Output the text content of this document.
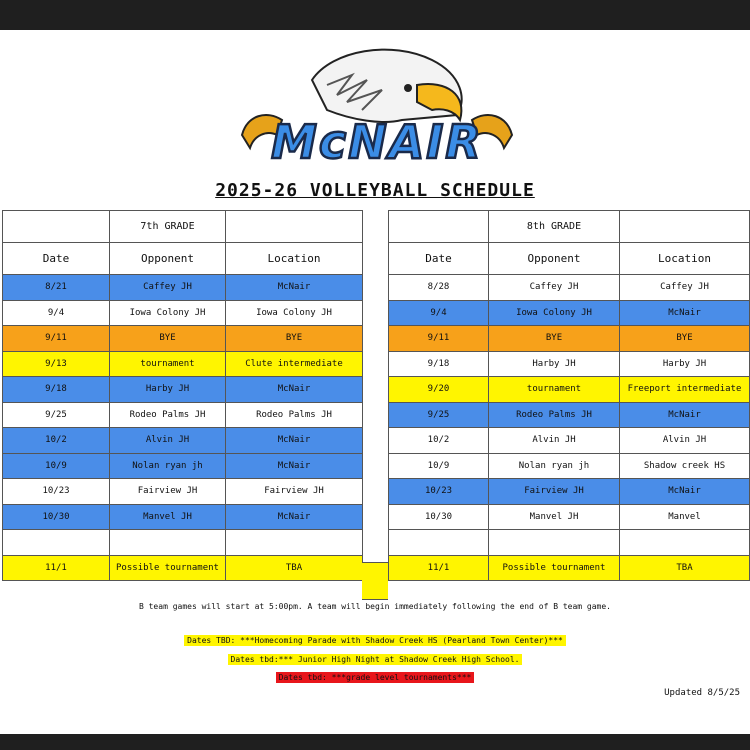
McNAIR
2025-26 VOLLEYBALL SCHEDULE
	7th GRADE	
Date	Opponent	Location
8/21	Caffey JH	McNair
9/4	Iowa Colony JH	Iowa Colony JH
9/11	BYE	BYE
9/13	tournament	Clute intermediate
9/18	Harby JH	McNair
9/25	Rodeo Palms JH	Rodeo Palms JH
10/2	Alvin JH	McNair
10/9	Nolan ryan jh	McNair
10/23	Fairview JH	Fairview JH
10/30	Manvel JH	McNair

11/1	Possible tournament	TBA
	8th GRADE	
Date	Opponent	Location
8/28	Caffey JH	Caffey JH
9/4	Iowa Colony JH	McNair
9/11	BYE	BYE
9/18	Harby JH	Harby JH
9/20	tournament	Freeport intermediate
9/25	Rodeo Palms JH	McNair
10/2	Alvin JH	Alvin JH
10/9	Nolan ryan jh	Shadow creek HS
10/23	Fairview JH	McNair
10/30	Manvel JH	Manvel

11/1	Possible tournament	TBA
B team games will start at 5:00pm. A team will begin immediately following the end of B team game.
Dates TBD: ***Homecoming Parade with Shadow Creek HS (Pearland Town Center)***
Dates tbd:*** Junior High Night at Shadow Creek High School.
Dates tbd: ***grade level tournaments***
Updated 8/5/25
